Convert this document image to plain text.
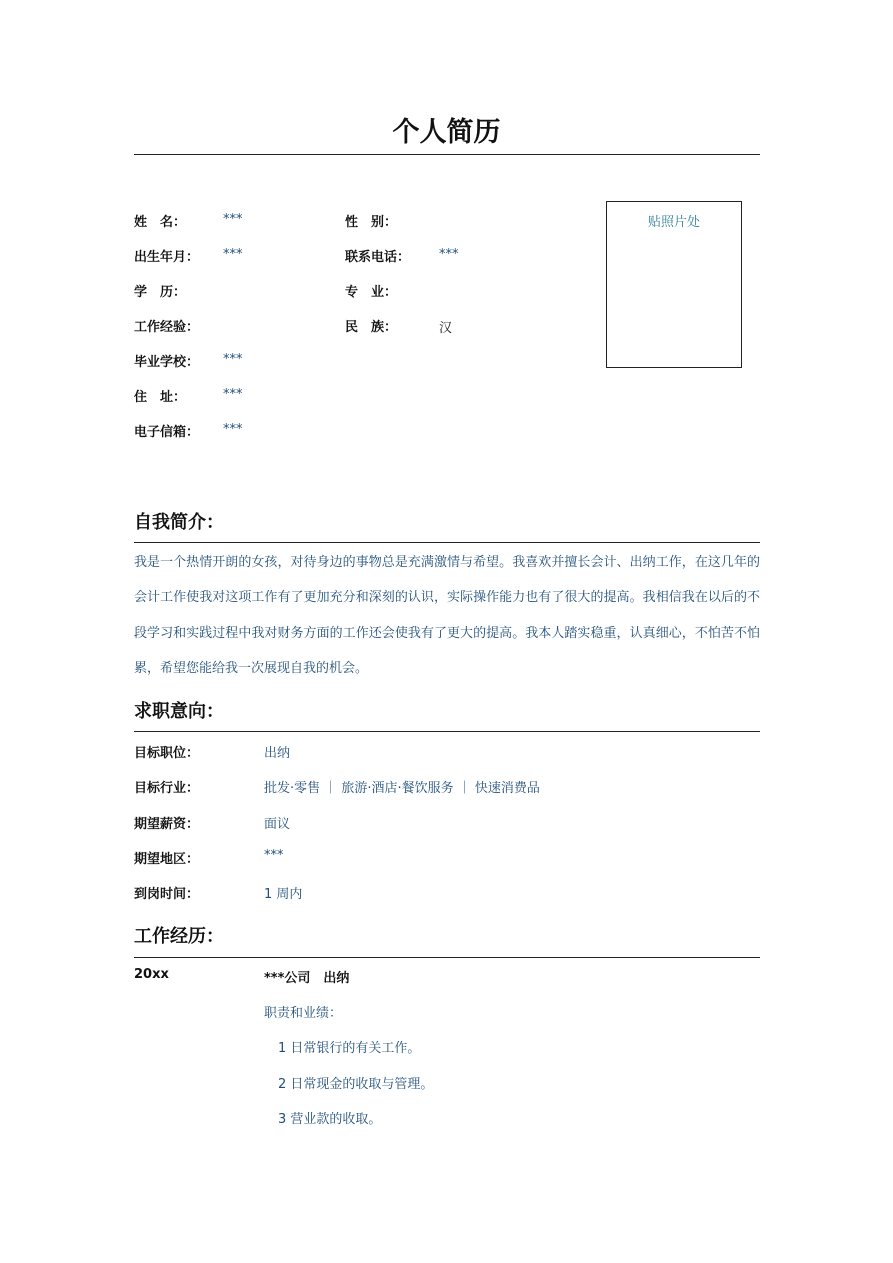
个人简历
姓　名：	***	性　别：
出生年月： ***	联系电话： ***
学　历：	专　业：
工作经验：	民　族：	汉
毕业学校： ***
住　址：	***
电子信箱： ***
贴照片处
自我简介：
我是一个热情开朗的女孩，对待身边的事物总是充满激情与希望。我喜欢并擅长会计、出纳工作，在这几年的会计工作使我对这项工作有了更加充分和深刻的认识，实际操作能力也有了很大的提高。我相信我在以后的不段学习和实践过程中我对财务方面的工作还会使我有了更大的提高。我本人踏实稳重，认真细心，不怕苦不怕累，希望您能给我一次展现自我的机会。
求职意向：
目标职位：	出纳
目标行业：	批发·零售 ｜ 旅游·酒店·餐饮服务 ｜ 快速消费品
期望薪资：	面议
期望地区：	***
到岗时间：	1 周内
工作经历：
20xx	***公司　出纳
职责和业绩：
1 日常银行的有关工作。
2 日常现金的收取与管理。
3 营业款的收取。
